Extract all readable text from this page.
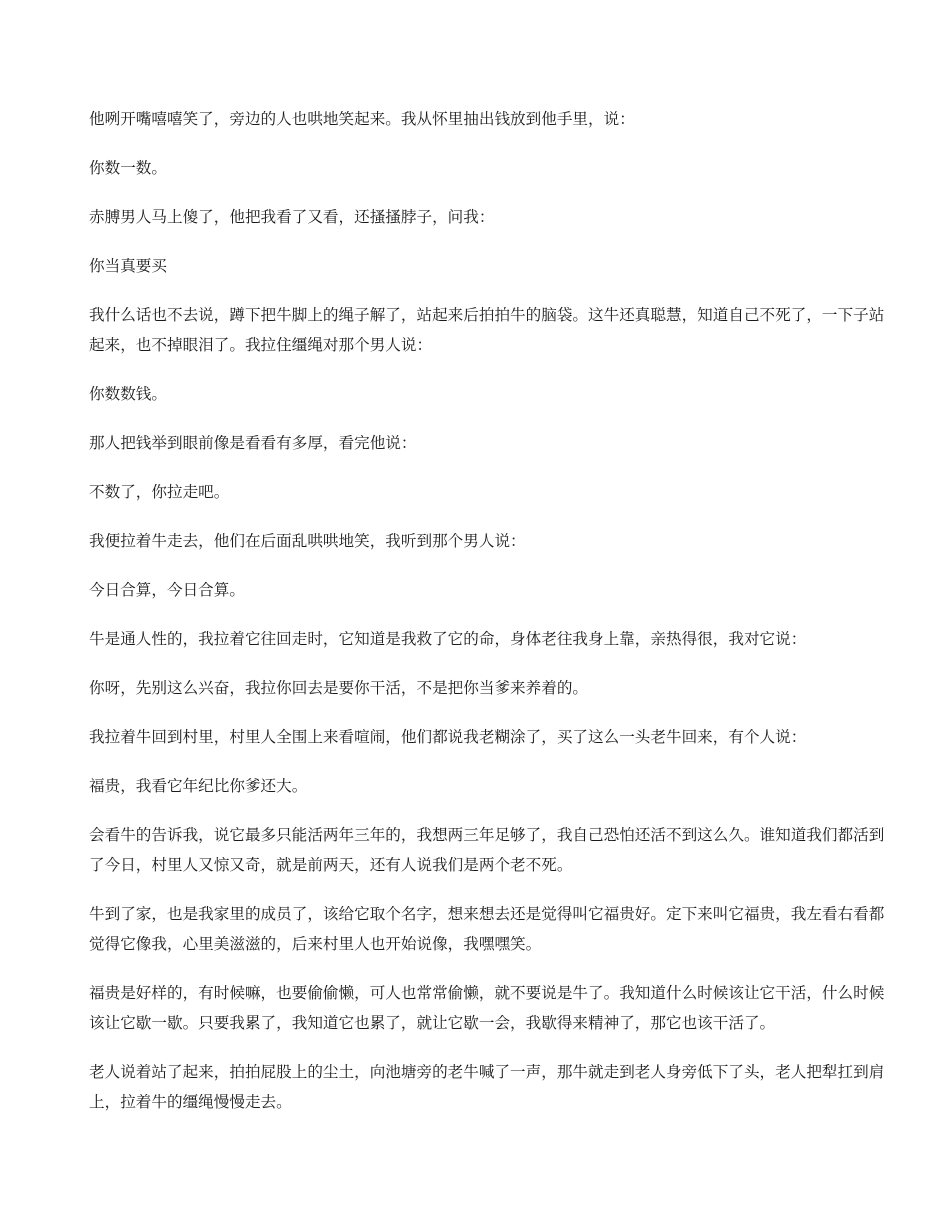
他咧开嘴嘻嘻笑了，旁边的人也哄地笑起来。我从怀里抽出钱放到他手里，说：

你数一数。

赤膊男人马上傻了，他把我看了又看，还搔搔脖子，问我：

你当真要买

我什么话也不去说，蹲下把牛脚上的绳子解了，站起来后拍拍牛的脑袋。这牛还真聪慧，知道自己不死了，一下子站起来，也不掉眼泪了。我拉住缰绳对那个男人说：

你数数钱。

那人把钱举到眼前像是看看有多厚，看完他说：

不数了，你拉走吧。

我便拉着牛走去，他们在后面乱哄哄地笑，我听到那个男人说：

今日合算，今日合算。

牛是通人性的，我拉着它往回走时，它知道是我救了它的命，身体老往我身上靠，亲热得很，我对它说：

你呀，先别这么兴奋，我拉你回去是要你干活，不是把你当爹来养着的。

我拉着牛回到村里，村里人全围上来看喧闹，他们都说我老糊涂了，买了这么一头老牛回来，有个人说：

福贵，我看它年纪比你爹还大。

会看牛的告诉我，说它最多只能活两年三年的，我想两三年足够了，我自己恐怕还活不到这么久。谁知道我们都活到了今日，村里人又惊又奇，就是前两天，还有人说我们是两个老不死。

牛到了家，也是我家里的成员了，该给它取个名字，想来想去还是觉得叫它福贵好。定下来叫它福贵，我左看右看都觉得它像我，心里美滋滋的，后来村里人也开始说像，我嘿嘿笑。

福贵是好样的，有时候嘛，也要偷偷懒，可人也常常偷懒，就不要说是牛了。我知道什么时候该让它干活，什么时候该让它歇一歇。只要我累了，我知道它也累了，就让它歇一会，我歇得来精神了，那它也该干活了。

老人说着站了起来，拍拍屁股上的尘土，向池塘旁的老牛喊了一声，那牛就走到老人身旁低下了头，老人把犁扛到肩上，拉着牛的缰绳慢慢走去。
